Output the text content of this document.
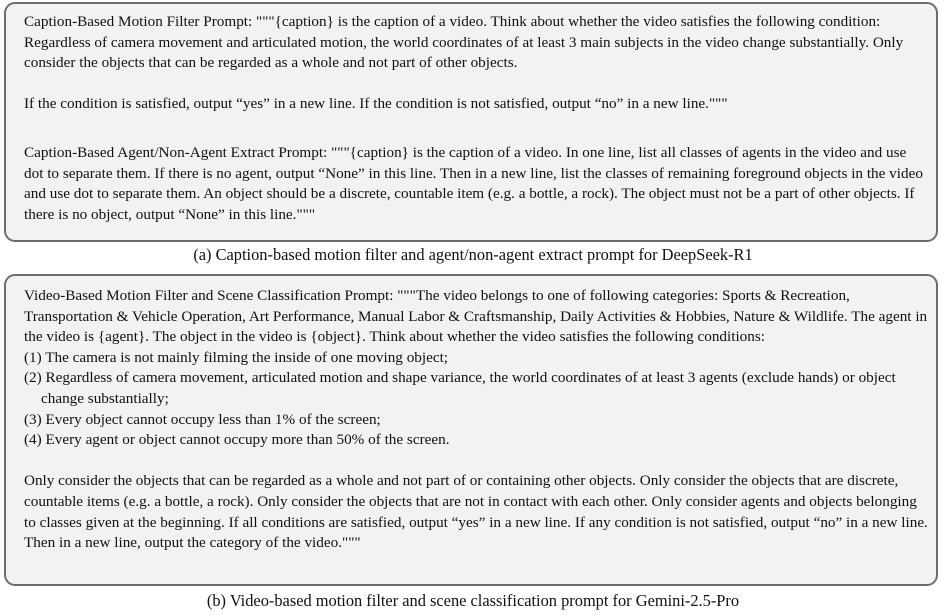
Caption-Based Motion Filter Prompt: """{caption} is the caption of a video. Think about whether the video satisfies the following condition: Regardless of camera movement and articulated motion, the world coordinates of at least 3 main subjects in the video change substantially. Only consider the objects that can be regarded as a whole and not part of other objects.

If the condition is satisfied, output “yes” in a new line. If the condition is not satisfied, output “no” in a new line."""

Caption-Based Agent/Non-Agent Extract Prompt: """{caption} is the caption of a video. In one line, list all classes of agents in the video and use dot to separate them. If there is no agent, output “None” in this line. Then in a new line, list the classes of remaining foreground objects in the video and use dot to separate them. An object should be a discrete, countable item (e.g. a bottle, a rock). The object must not be a part of other objects. If there is no object, output “None” in this line."""

(a) Caption-based motion filter and agent/non-agent extract prompt for DeepSeek-R1

Video-Based Motion Filter and Scene Classification Prompt: """The video belongs to one of following categories: Sports & Recreation, Transportation & Vehicle Operation, Art Performance, Manual Labor & Craftsmanship, Daily Activities & Hobbies, Nature & Wildlife. The agent in the video is {agent}. The object in the video is {object}. Think about whether the video satisfies the following conditions:

(1) The camera is not mainly filming the inside of one moving object;

(2) Regardless of camera movement, articulated motion and shape variance, the world coordinates of at least 3 agents (exclude hands) or object change substantially;

(3) Every object cannot occupy less than 1% of the screen;

(4) Every agent or object cannot occupy more than 50% of the screen.

Only consider the objects that can be regarded as a whole and not part of or containing other objects. Only consider the objects that are discrete, countable items (e.g. a bottle, a rock). Only consider the objects that are not in contact with each other. Only consider agents and objects belonging to classes given at the beginning. If all conditions are satisfied, output “yes” in a new line. If any condition is not satisfied, output “no” in a new line. Then in a new line, output the category of the video."""

(b) Video-based motion filter and scene classification prompt for Gemini-2.5-Pro
